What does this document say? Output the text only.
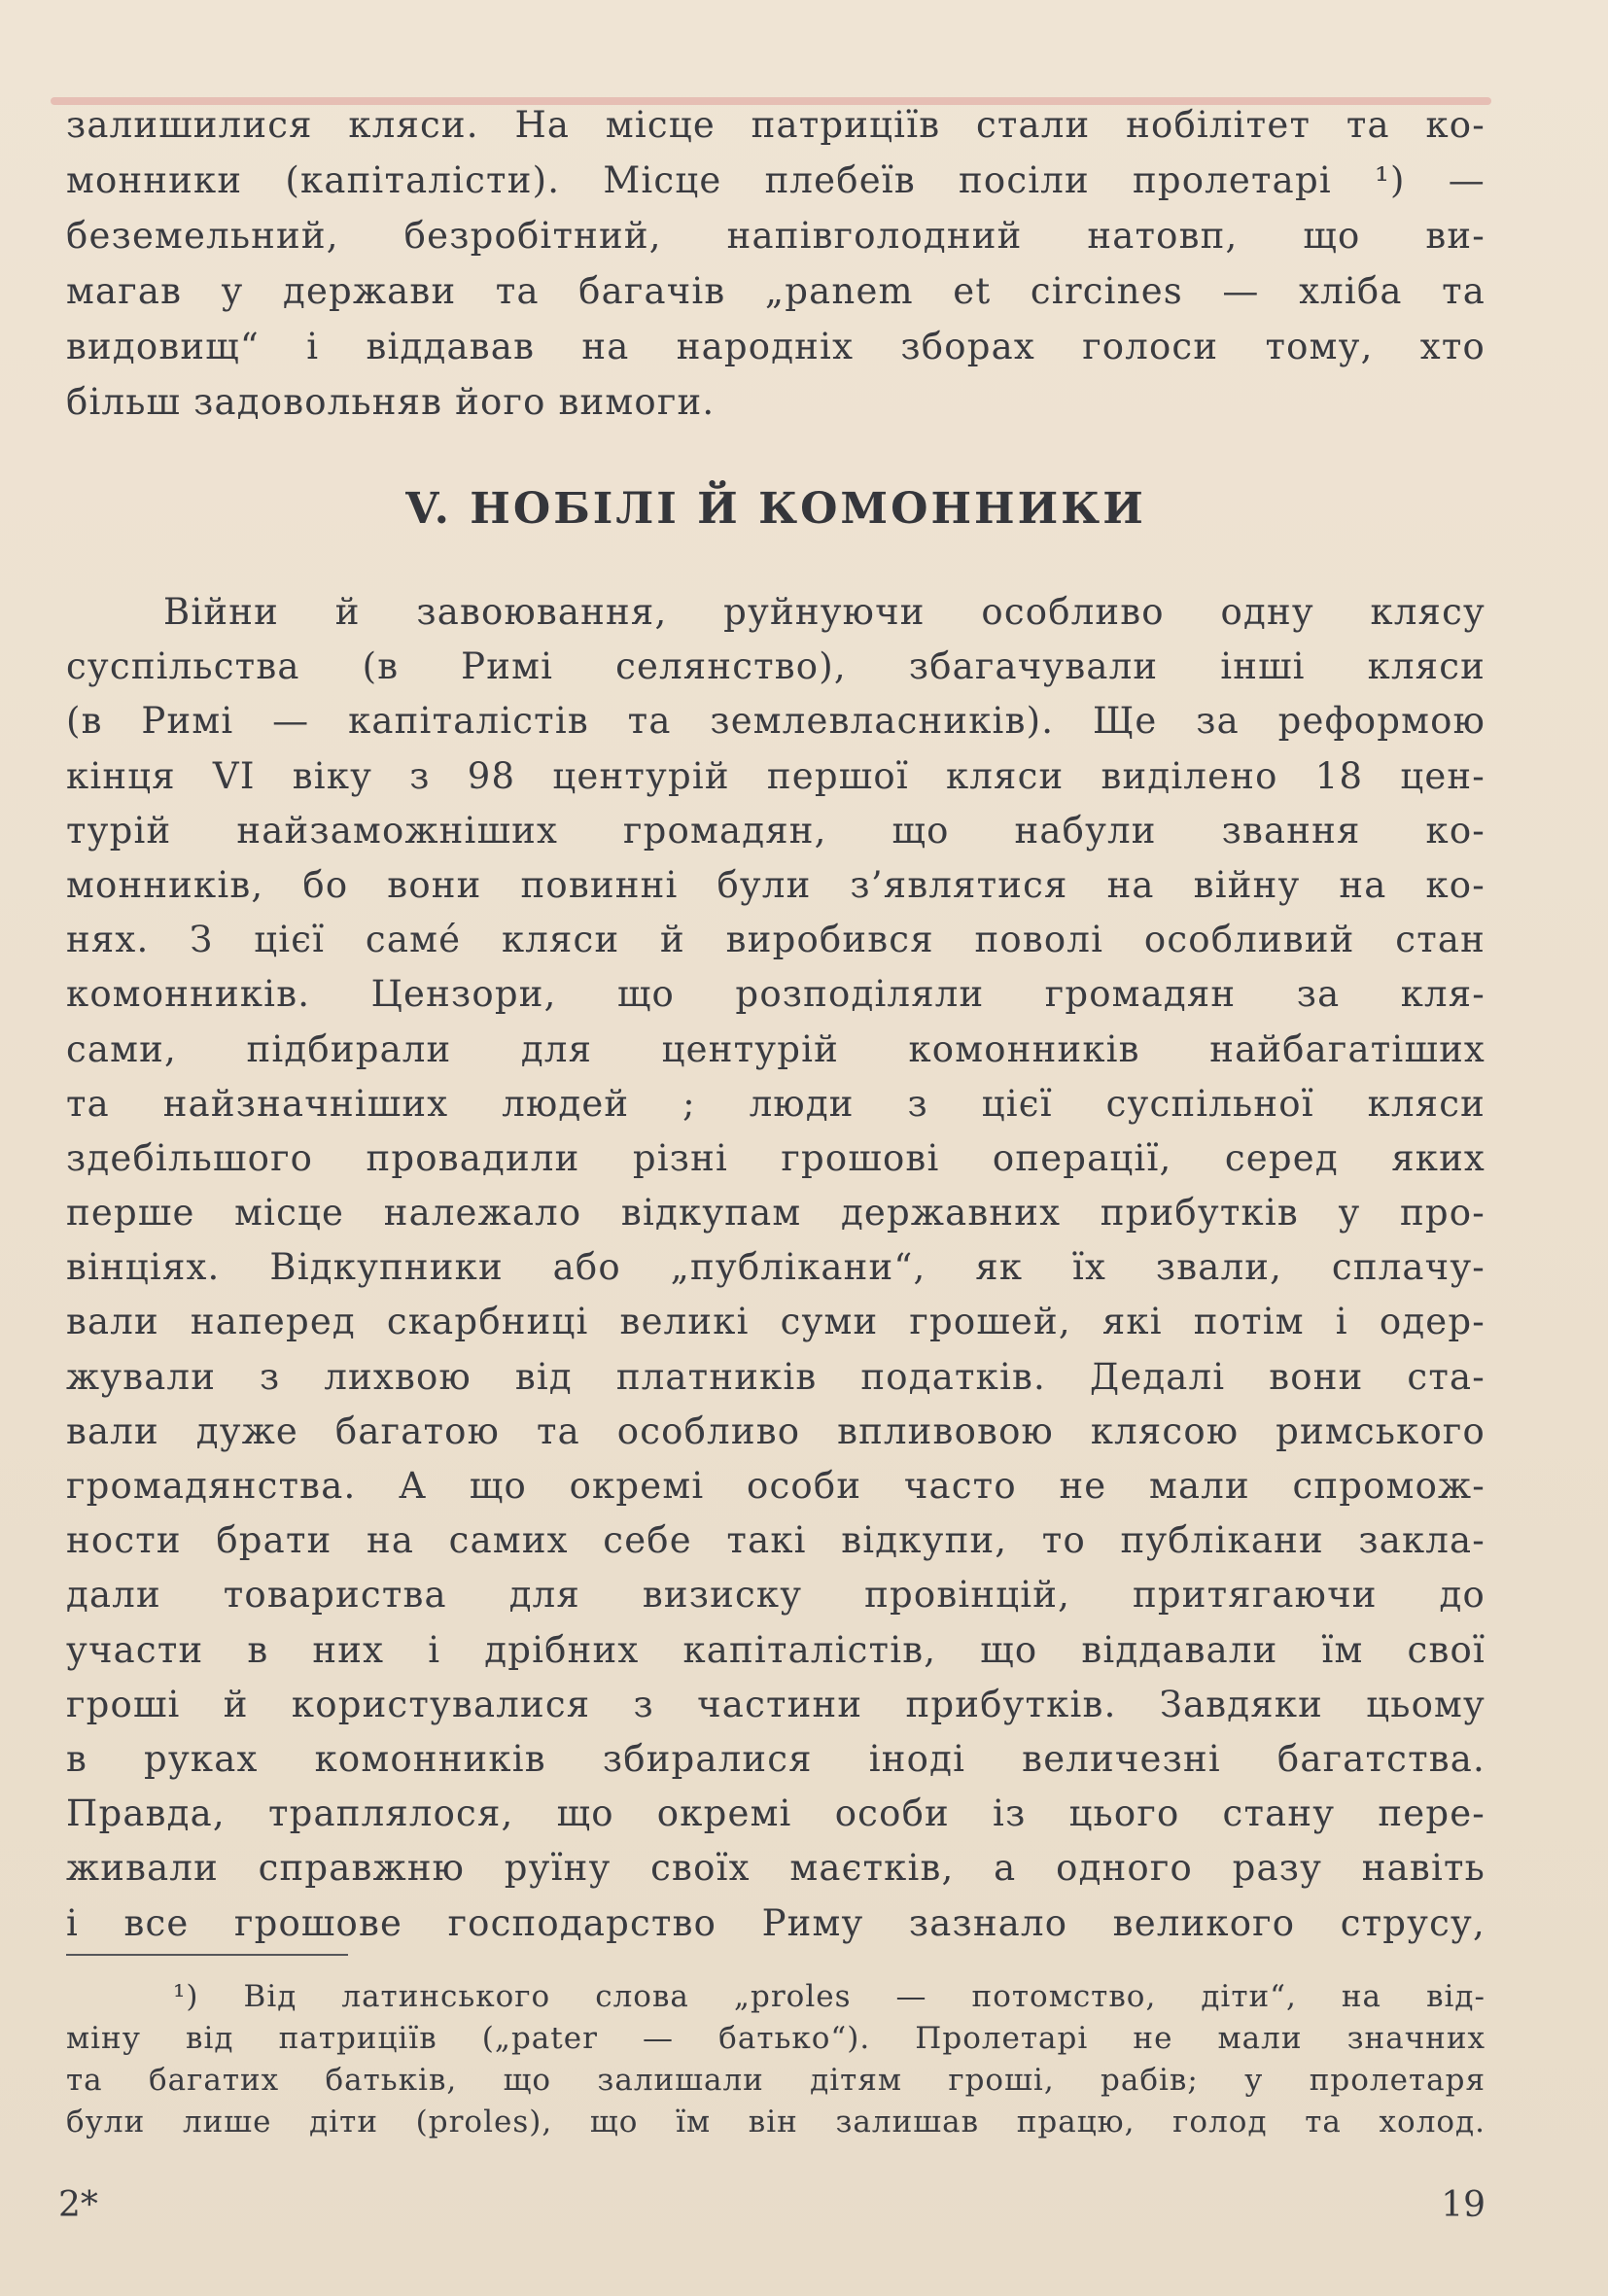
залишилися кляси. На місце патриціїв стали нобілітет та ко-
монники (капіталісти). Місце плебеїв посіли пролетарі ¹) —
беземельний, безробітний, напівголодний натовп, що ви-
магав у держави та багачів „panem et circines — хліба та
видовищ“ і віддавав на народніх зборах голоси тому, хто
більш задовольняв його вимоги.
V. НОБІЛІ Й КОМОННИКИ
Війни й завоювання, руйнуючи особливо одну клясу
суспільства (в Римі селянство), збагачували інші кляси
(в Римі — капіталістів та землевласників). Ще за реформою
кінця VI віку з 98 центурій першої кляси виділено 18 цен-
турій найзаможніших громадян, що набули звання ко-
монників, бо вони повинні були з’являтися на війну на ко-
нях. З цієї самé кляси й виробився поволі особливий стан
комонників. Цензори, що розподіляли громадян за кля-
сами, підбирали для центурій комонників найбагатіших
та найзначніших людей ; люди з цієї суспільної кляси
здебільшого провадили різні грошові операції, серед яких
перше місце належало відкупам державних прибутків у про-
вінціях. Відкупники або „публікани“, як їх звали, сплачу-
вали наперед скарбниці великі суми грошей, які потім і одер-
жували з лихвою від платників податків. Дедалі вони ста-
вали дуже багатою та особливо впливовою клясою римського
громадянства. А що окремі особи часто не мали спромож-
ности брати на самих себе такі відкупи, то публікани закла-
дали товариства для визиску провінцій, притягаючи до
участи в них і дрібних капіталістів, що віддавали їм свої
гроші й користувалися з частини прибутків. Завдяки цьому
в руках комонників збиралися іноді величезні багатства.
Правда, траплялося, що окремі особи із цього стану пере-
живали справжню руїну своїх маєтків, а одного разу навіть
і все грошове господарство Риму зазнало великого струсу,
¹) Від латинського слова „proles — потомство, діти“, на від-
міну від патриціїв („pater — батько“). Пролетарі не мали значних
та багатих батьків, що залишали дітям гроші, рабів; у пролетаря
були лише діти (proles), що їм він залишав працю, голод та холод.
2*	19
